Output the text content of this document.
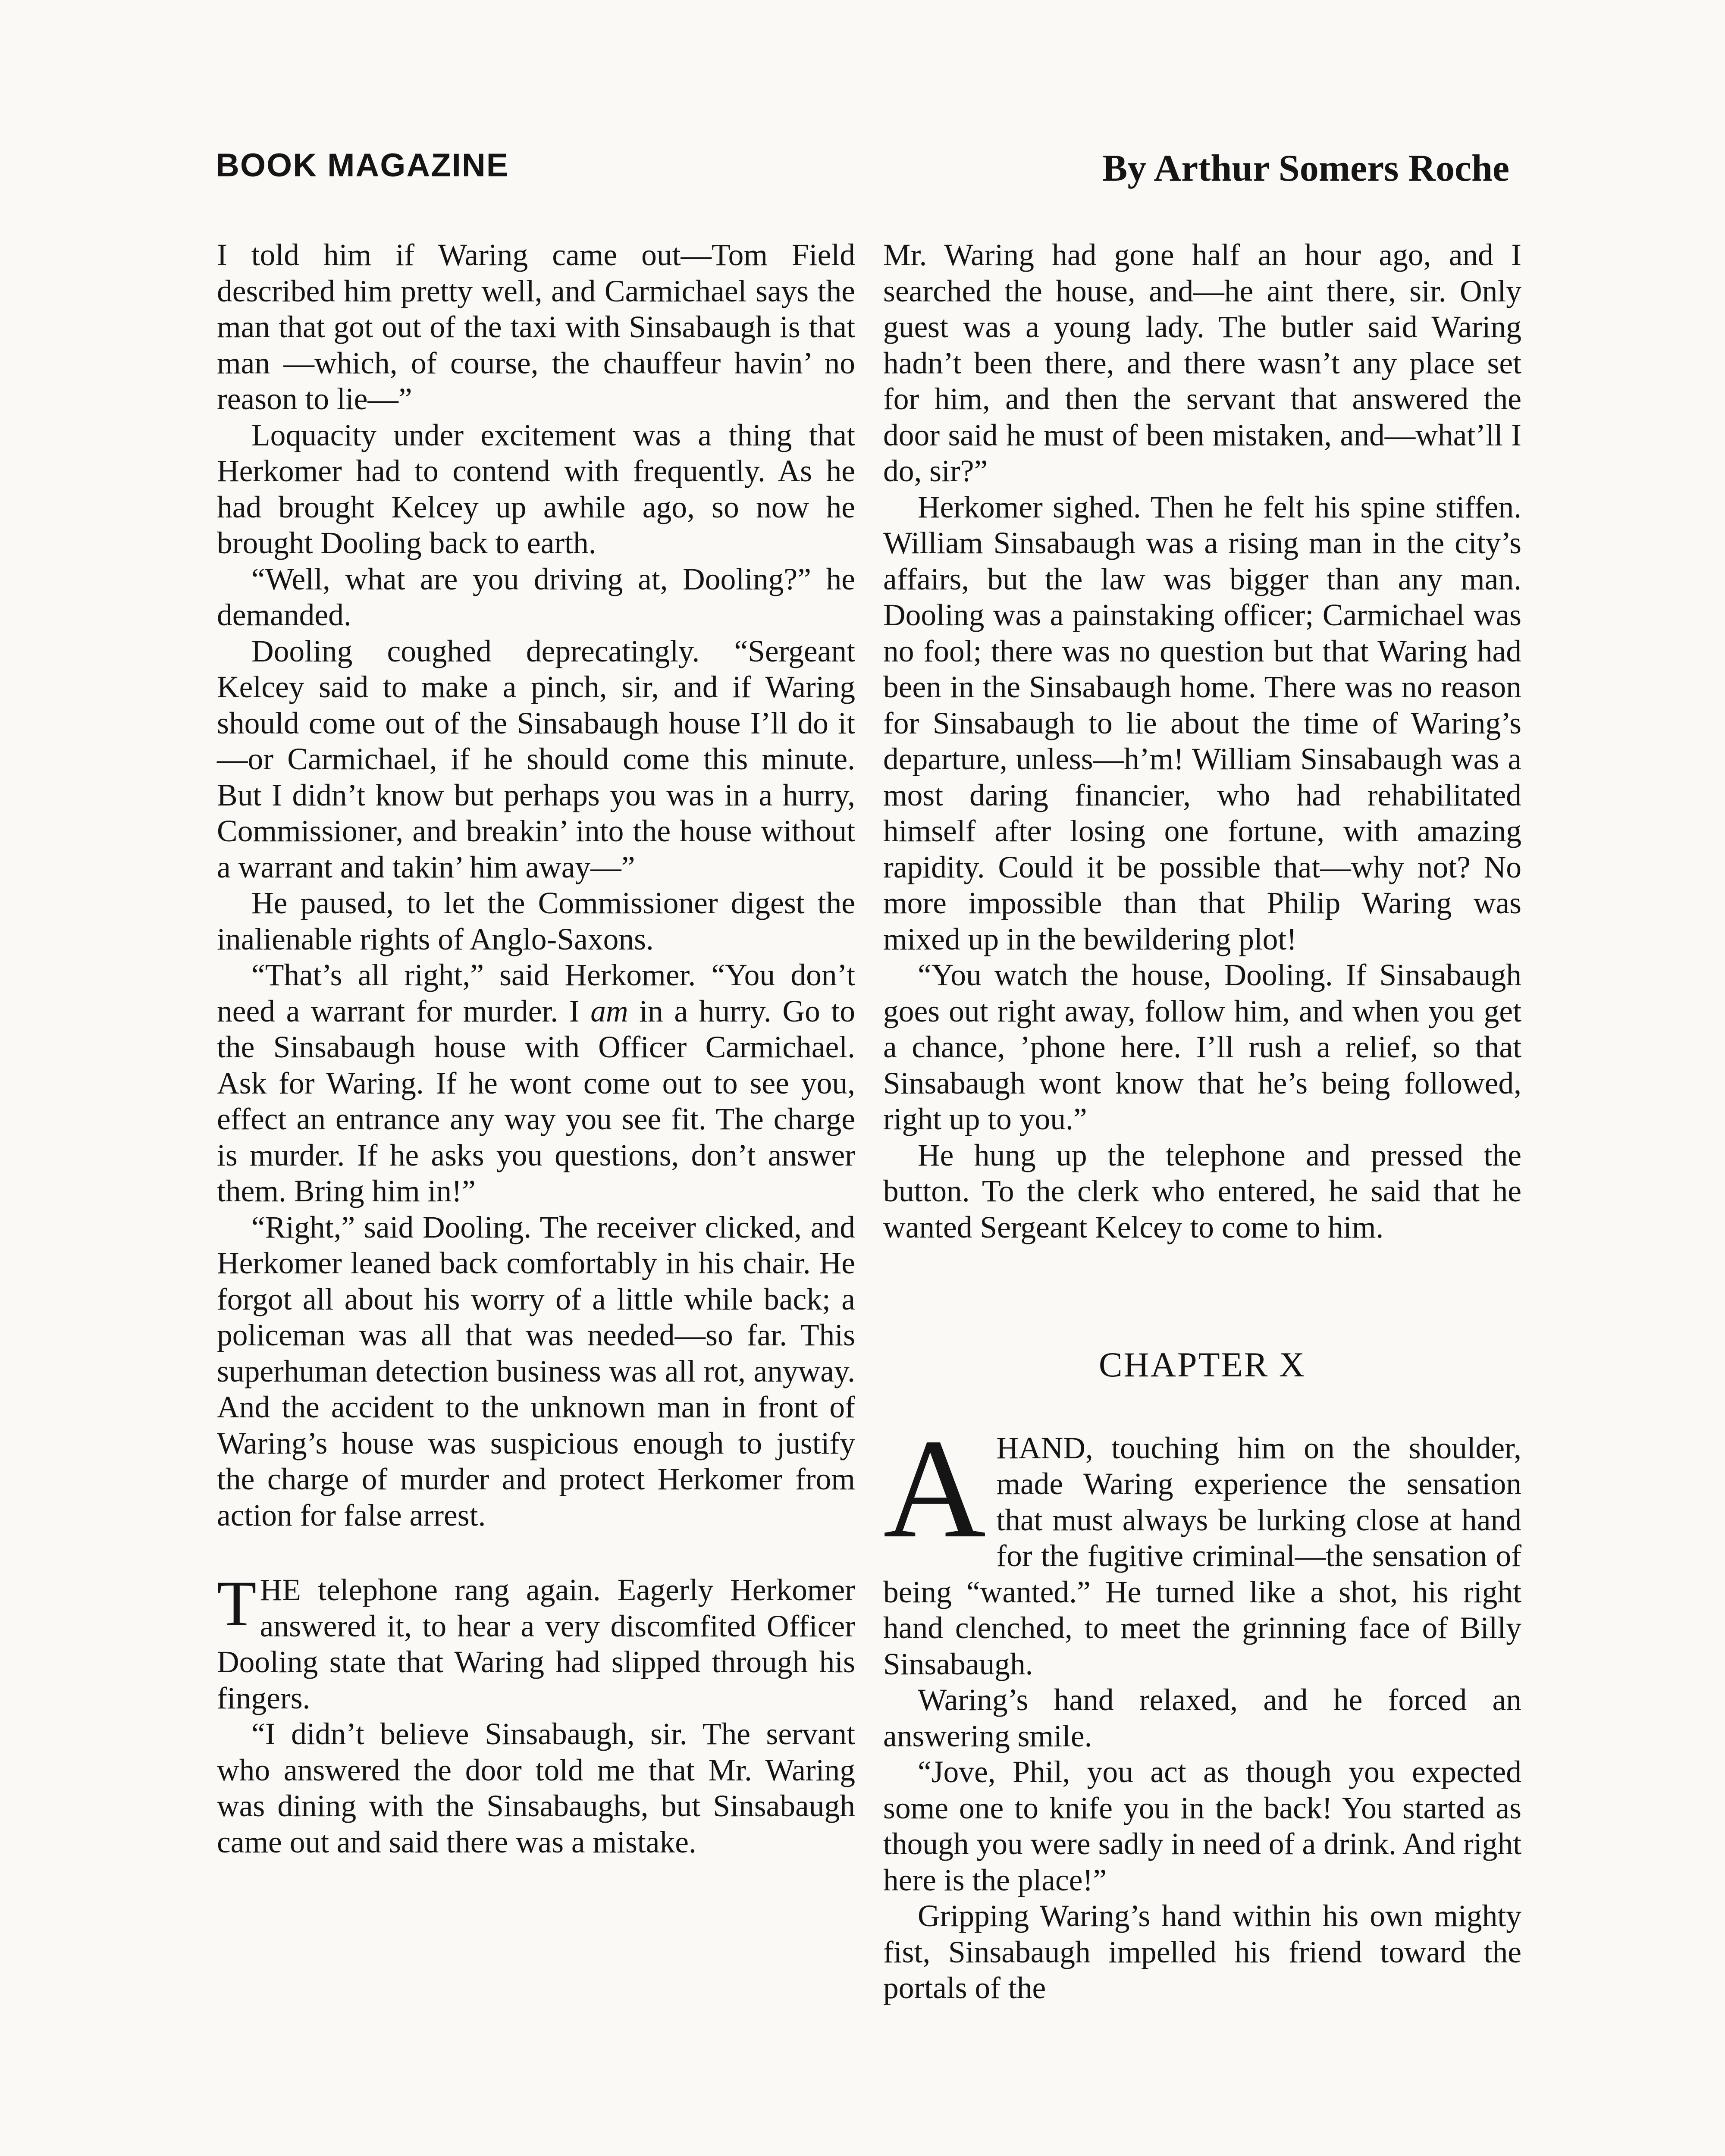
BOOK MAGAZINE	By Arthur Somers Roche

I told him if Waring came out—Tom Field described him pretty well, and Carmichael says the man that got out of the taxi with Sinsabaugh is that man —which, of course, the chauffeur havin’ no reason to lie—”

Loquacity under excitement was a thing that Herkomer had to contend with frequently. As he had brought Kelcey up awhile ago, so now he brought Dooling back to earth.

“Well, what are you driving at, Dooling?” he demanded.

Dooling coughed deprecatingly. “Sergeant Kelcey said to make a pinch, sir, and if Waring should come out of the Sinsabaugh house I’ll do it—or Carmichael, if he should come this minute. But I didn’t know but perhaps you was in a hurry, Commissioner, and breakin’ into the house without a warrant and takin’ him away—”

He paused, to let the Commissioner digest the inalienable rights of Anglo-Saxons.

“That’s all right,” said Herkomer. “You don’t need a warrant for murder. I am in a hurry. Go to the Sinsabaugh house with Officer Carmichael. Ask for Waring. If he wont come out to see you, effect an entrance any way you see fit. The charge is murder. If he asks you questions, don’t answer them. Bring him in!”

“Right,” said Dooling. The receiver clicked, and Herkomer leaned back comfortably in his chair. He forgot all about his worry of a little while back; a policeman was all that was needed—so far. This superhuman detection business was all rot, anyway. And the accident to the unknown man in front of Waring’s house was suspicious enough to justify the charge of murder and protect Herkomer from action for false arrest.

THE telephone rang again. Eagerly Herkomer answered it, to hear a very discomfited Officer Dooling state that Waring had slipped through his fingers.

“I didn’t believe Sinsabaugh, sir. The servant who answered the door told me that Mr. Waring was dining with the Sinsabaughs, but Sinsabaugh came out and said there was a mistake.

Mr. Waring had gone half an hour ago, and I searched the house, and—he aint there, sir. Only guest was a young lady. The butler said Waring hadn’t been there, and there wasn’t any place set for him, and then the servant that answered the door said he must of been mistaken, and—what’ll I do, sir?”

Herkomer sighed. Then he felt his spine stiffen. William Sinsabaugh was a rising man in the city’s affairs, but the law was bigger than any man. Dooling was a painstaking officer; Carmichael was no fool; there was no question but that Waring had been in the Sinsabaugh home. There was no reason for Sinsabaugh to lie about the time of Waring’s departure, unless—h’m! William Sinsabaugh was a most daring financier, who had rehabilitated himself after losing one fortune, with amazing rapidity. Could it be possible that—why not? No more impossible than that Philip Waring was mixed up in the bewildering plot!

“You watch the house, Dooling. If Sinsabaugh goes out right away, follow him, and when you get a chance, ’phone here. I’ll rush a relief, so that Sinsabaugh wont know that he’s being followed, right up to you.”

He hung up the telephone and pressed the button. To the clerk who entered, he said that he wanted Sergeant Kelcey to come to him.

CHAPTER X

AHAND, touching him on the shoulder, made Waring experience the sensation that must always be lurking close at hand for the fugitive criminal—the sensation of being “wanted.” He turned like a shot, his right hand clenched, to meet the grinning face of Billy Sinsabaugh.

Waring’s hand relaxed, and he forced an answering smile.

“Jove, Phil, you act as though you expected some one to knife you in the back! You started as though you were sadly in need of a drink. And right here is the place!”

Gripping Waring’s hand within his own mighty fist, Sinsabaugh impelled his friend toward the portals of the
